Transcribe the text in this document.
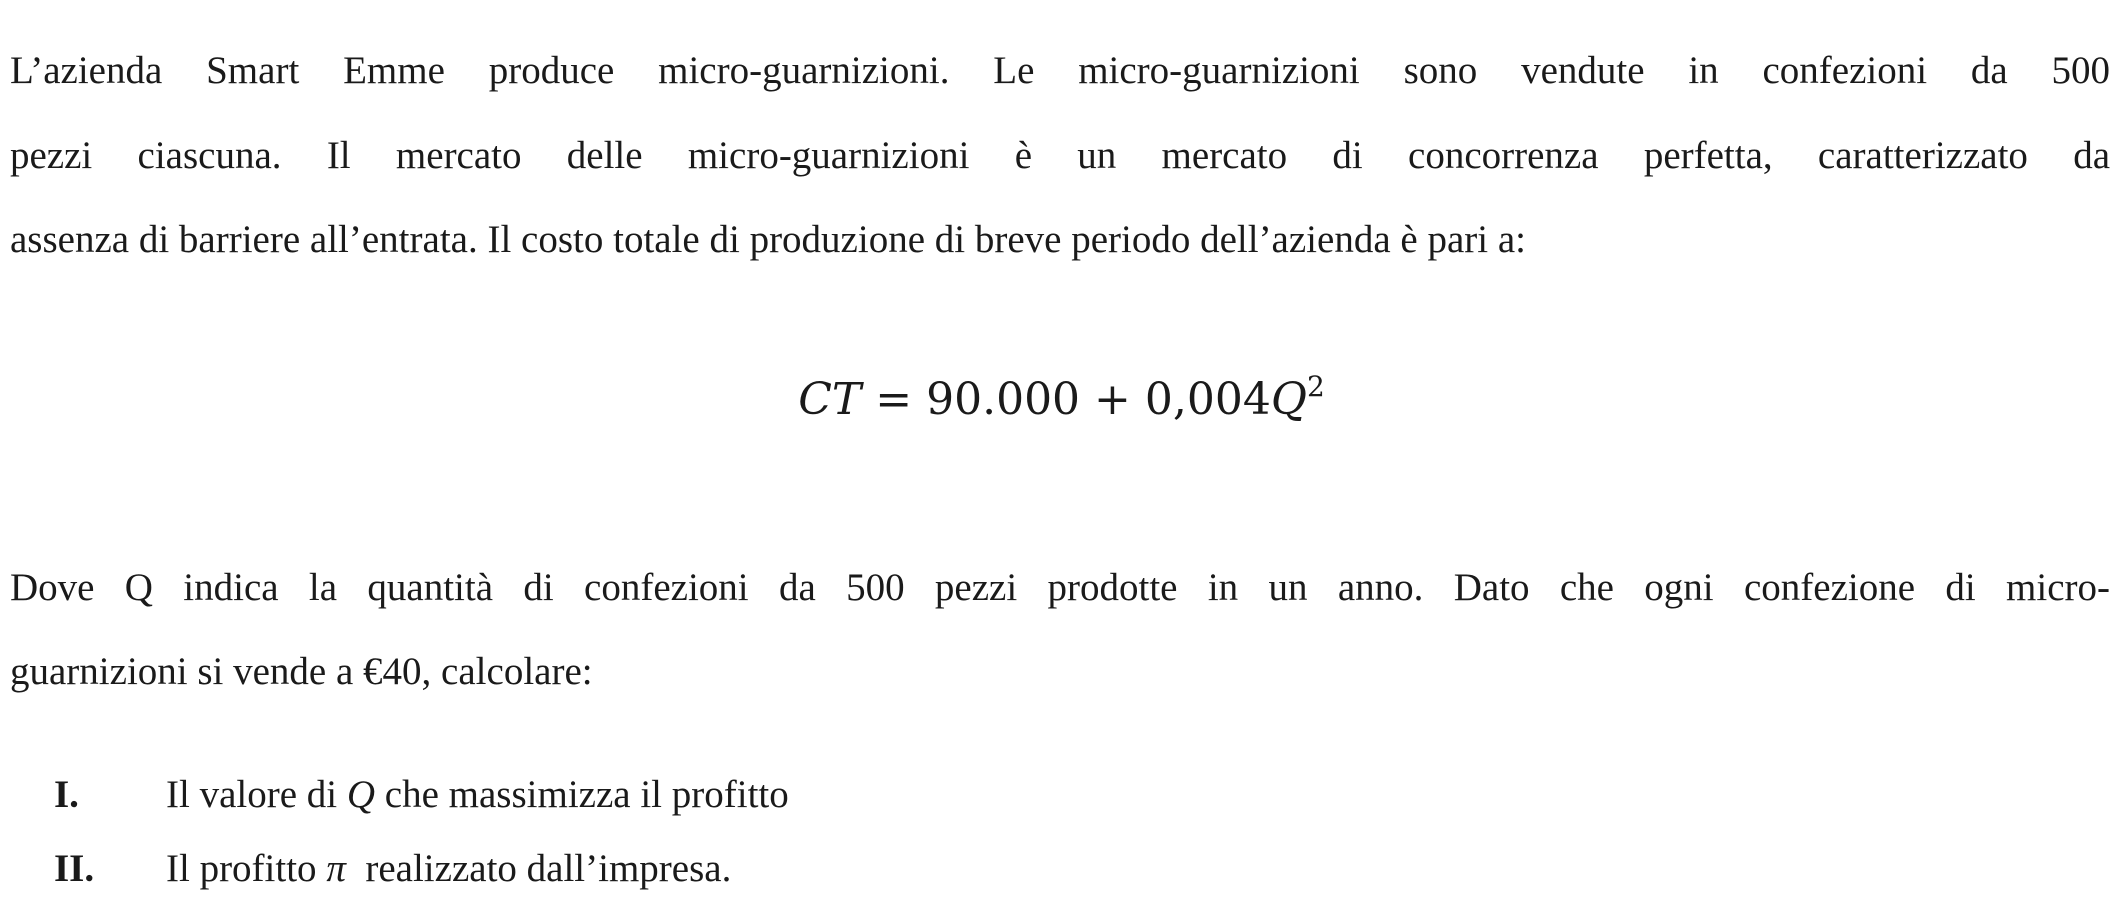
L’azienda Smart Emme produce micro-guarnizioni. Le micro-guarnizioni sono vendute in confezioni da 500
pezzi ciascuna. Il mercato delle micro-guarnizioni è un mercato di concorrenza perfetta, caratterizzato da
assenza di barriere all’entrata. Il costo totale di produzione di breve periodo dell’azienda è pari a:
CT = $90.000 + 0,004Q^2$
Dove Q indica la quantità di confezioni da 500 pezzi prodotte in un anno. Dato che ogni confezione di micro-
guarnizioni si vende a €40, calcolare:
I. Il valore di Q che massimizza il profitto
II. Il profitto π  realizzato dall’impresa.
